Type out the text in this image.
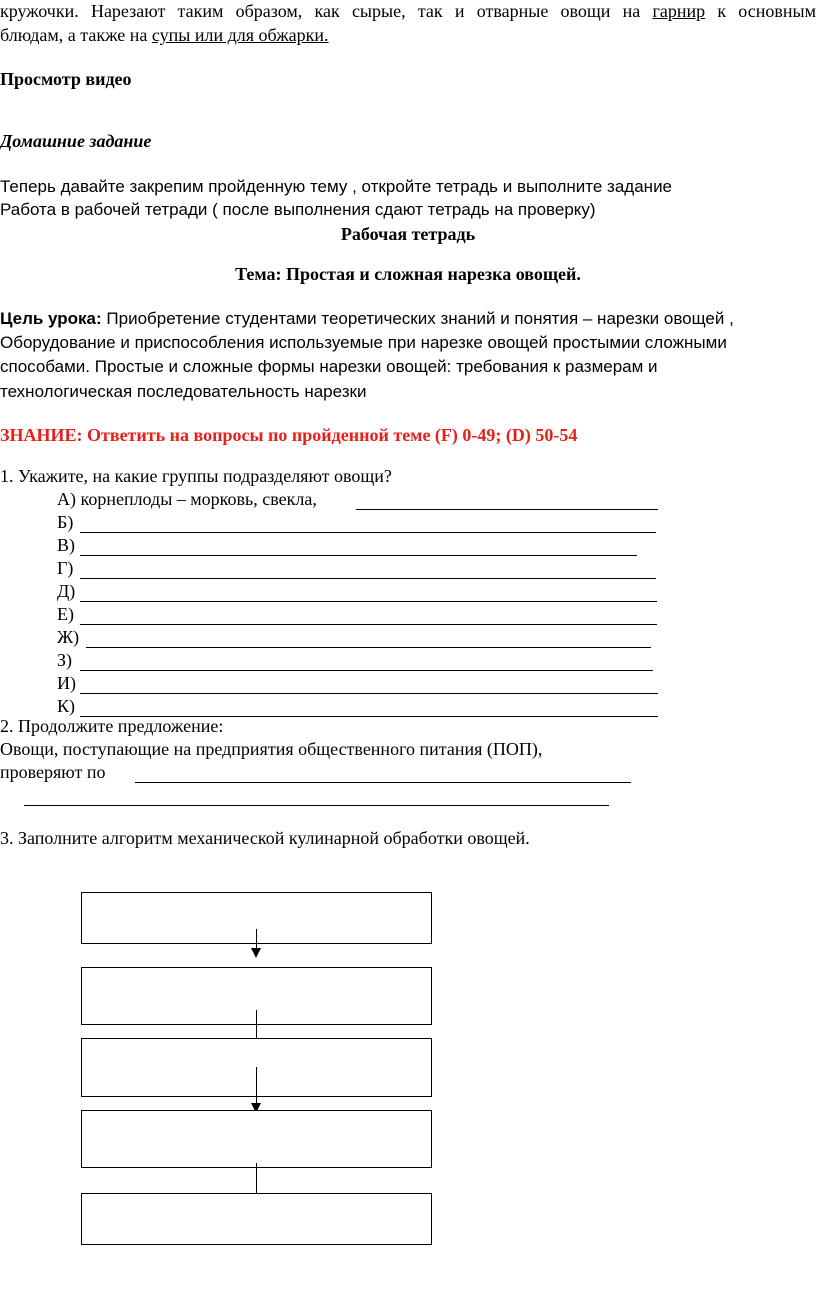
кружочки. Нарезают таким образом, как сырые, так и отварные овощи на гарнир к основным
блюдам, а также на супы или для обжарки.
Просмотр видео
Домашние задание
Теперь давайте закрепим пройденную тему , откройте тетрадь и выполните задание
Работа в рабочей тетради ( после выполнения сдают тетрадь на проверку)
Рабочая тетрадь
Тема: Простая и сложная нарезка овощей.
Цель урока: Приобретение студентами теоретических знаний и понятия – нарезки овощей ,
Оборудование и приспособления используемые при нарезке овощей простымии сложными
способами. Простые и сложные формы нарезки овощей: требования к размерам и
технологическая последовательность нарезки
ЗНАНИЕ: Ответить на вопросы по пройденной теме (F) 0-49; (D) 50-54
1. Укажите, на какие группы подразделяют овощи?
А) корнеплоды – морковь, свекла,
Б)
В)
Г)
Д)
Е)
Ж)
З)
И)
К)
2. Продолжите предложение:
Овощи, поступающие на предприятия общественного питания (ПОП),
проверяют по
3. Заполните алгоритм механической кулинарной обработки овощей.
